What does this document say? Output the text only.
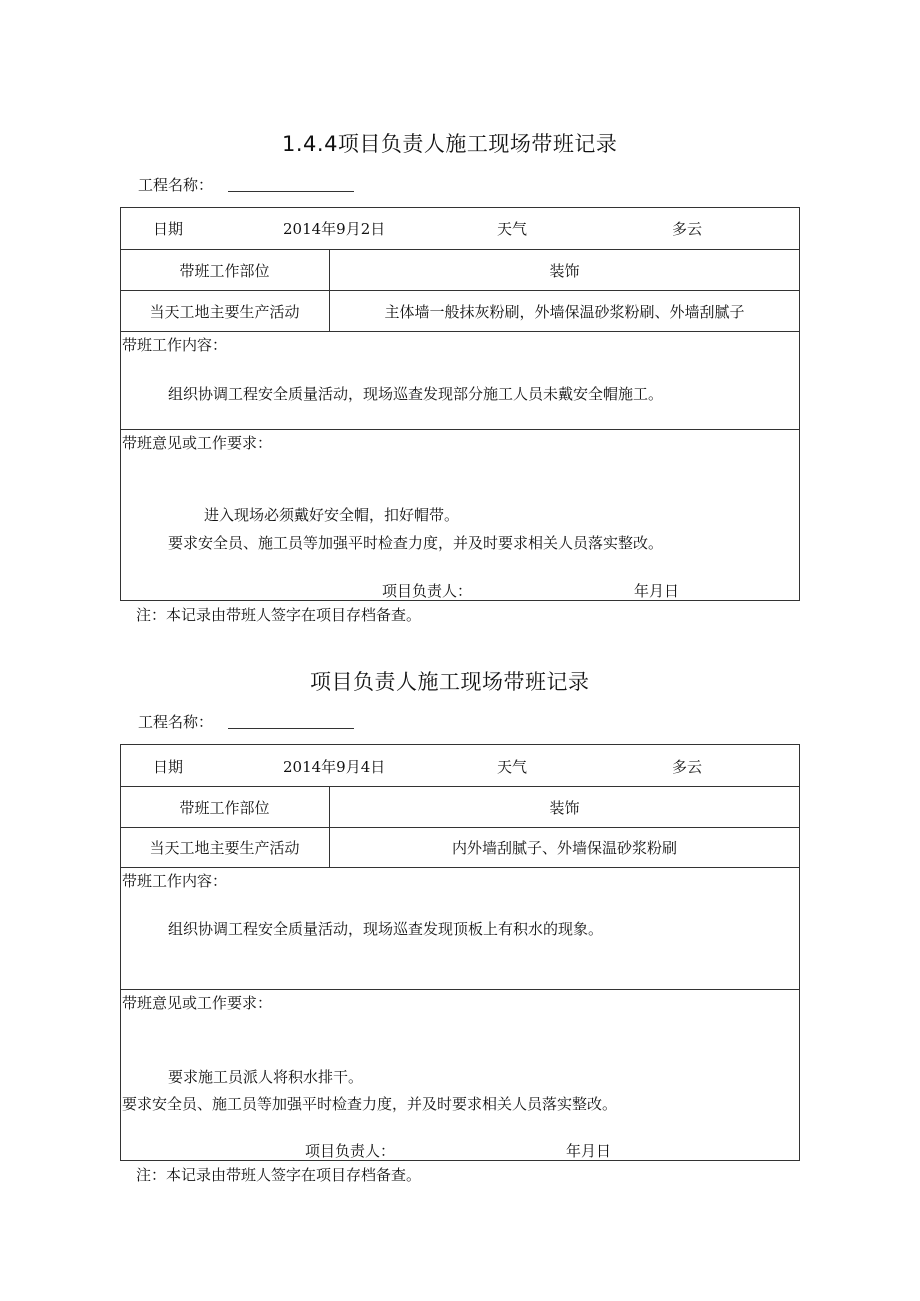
1.4.4项目负责人施工现场带班记录
工程名称：
日期	2014年9月2日	天气	多云
带班工作部位	装饰
当天工地主要生产活动	主体墙一般抹灰粉刷，外墙保温砂浆粉刷、外墙刮腻子
带班工作内容：
组织协调工程安全质量活动，现场巡查发现部分施工人员未戴安全帽施工。
带班意见或工作要求：
进入现场必须戴好安全帽，扣好帽带。
要求安全员、施工员等加强平时检查力度，并及时要求相关人员落实整改。
项目负责人：	年月日
注：本记录由带班人签字在项目存档备查。
项目负责人施工现场带班记录
工程名称：
日期	2014年9月4日	天气	多云
带班工作部位	装饰
当天工地主要生产活动	内外墙刮腻子、外墙保温砂浆粉刷
带班工作内容：
组织协调工程安全质量活动，现场巡查发现顶板上有积水的现象。
带班意见或工作要求：
要求施工员派人将积水排干。
要求安全员、施工员等加强平时检查力度，并及时要求相关人员落实整改。
项目负责人：	年月日
注：本记录由带班人签字在项目存档备查。
